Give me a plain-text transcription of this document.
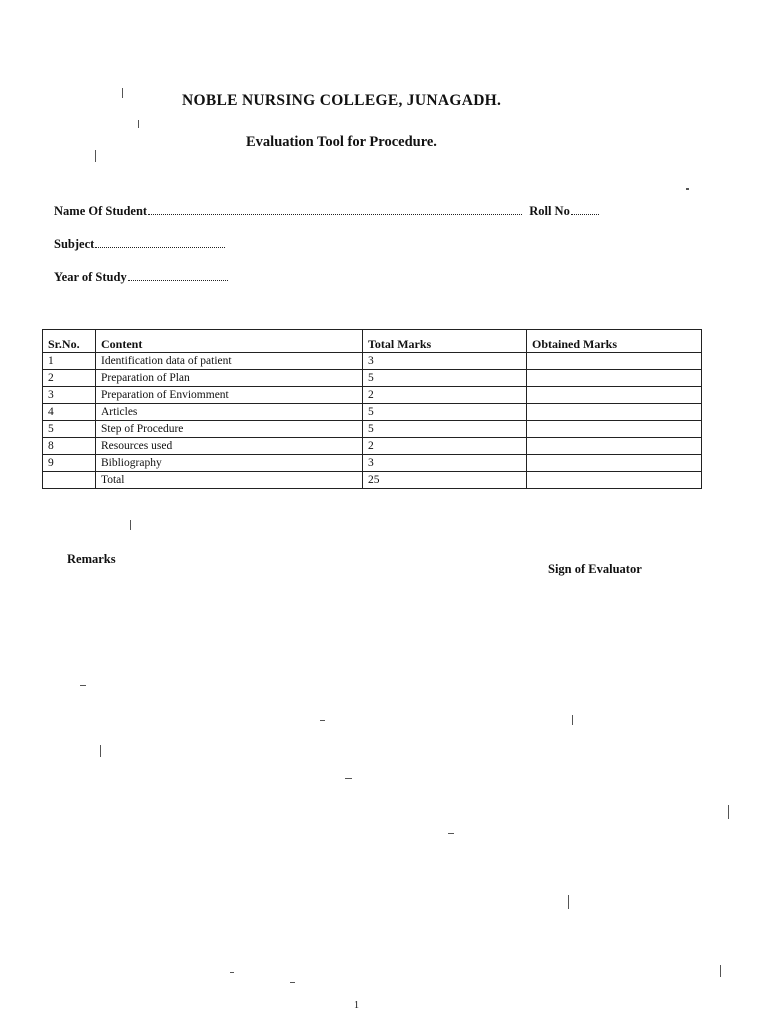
NOBLE NURSING COLLEGE, JUNAGADH.
Evaluation Tool for Procedure.
Name Of Student	Roll No
Subject
Year of Study
Sr.No.	Content	Total Marks	Obtained Marks
1	Identification data of patient	3	
2	Preparation of Plan	5	
3	Preparation of Enviomment	2	
4	Articles	5	
5	Step of Procedure	5	
8	Resources used	2	
9	Bibliography	3	
	Total	25	
Remarks
Sign of Evaluator
1
